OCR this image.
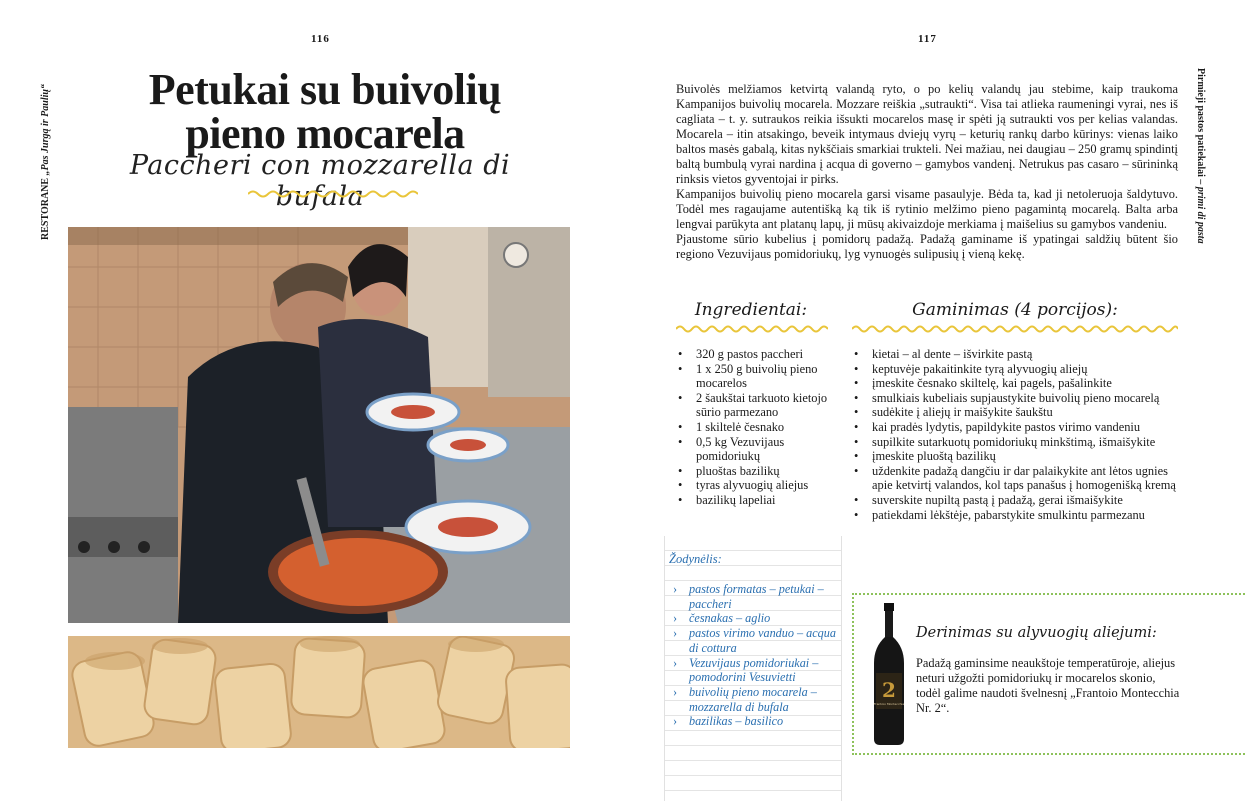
116
RESTORANE „Pas Jurgą ir Paulių“	Petukai su buivolių
pieno mocarela
Paccheri con mozzarella di bufala
117
Pirmieji pastos patiekalai – primi di pasta
Buivolės melžiamos ketvirtą valandą ryto, o po kelių valandų jau stebime, kaip traukoma Kampanijos buivolių mocarela. Mozzare reiškia „sutraukti“. Visa tai atlieka raumeningi vyrai, nes iš cagliata – t. y. sutraukos reikia išsukti mocarelos masę ir spėti ją sutraukti vos per kelias valandas. Mocarela – itin atsakingo, beveik intymaus dviejų vyrų – keturių rankų darbo kūrinys: vienas laiko baltos masės gabalą, kitas nykščiais smarkiai trukteli. Nei mažiau, nei daugiau – 250 gramų spindintį baltą bumbulą vyrai nardina į acqua di governo – gamybos vandenį. Netrukus pas casaro – sūrininką rinksis vietos gyventojai ir pirks.
Kampanijos buivolių pieno mocarela garsi visame pasaulyje. Bėda ta, kad ji netoleruoja šaldytuvo. Todėl mes ragaujame autentišką ką tik iš rytinio melžimo pieno pagamintą mocarelą. Balta arba lengvai parūkyta ant platanų lapų, ji mūsų akivaizdoje merkiama į maišelius su gamybos vandeniu.
Pjaustome sūrio kubelius į pomidorų padažą. Padažą gaminame iš ypatingai saldžių būtent šio regiono Vezuvijaus pomidoriukų, lyg vynuogės sulipusių į vieną kekę.
Ingredientai:	Gaminimas (4 porcijos):
• 320 g pastos paccheri
• 1 x 250 g buivolių pieno mocarelos
• 2 šaukštai tarkuoto kietojo sūrio parmezano
• 1 skiltelė česnako
• 0,5 kg Vezuvijaus pomidoriukų
• pluoštas bazilikų
• tyras alyvuogių aliejus
• bazilikų lapeliai
• kietai – al dente – išvirkite pastą
• keptuvėje pakaitinkite tyrą alyvuogių aliejų
• įmeskite česnako skiltelę, kai pagels, pašalinkite
• smulkiais kubeliais supjaustykite buivolių pieno mocarelą
• sudėkite į aliejų ir maišykite šaukštu
• kai pradės lydytis, papildykite pastos virimo vandeniu
• supilkite sutarkuotų pomidoriukų minkštimą, išmaišykite
• įmeskite pluoštą bazilikų
• uždenkite padažą dangčiu ir dar palaikykite ant lėtos ugnies apie ketvirtį valandos, kol taps panašus į homogenišką kremą
• suverskite nupiltą pastą į padažą, gerai išmaišykite
• patiekdami lėkštėje, pabarstykite smulkintu parmezanu
Žodynėlis:
› pastos formatas – petukai – paccheri
› česnakas – aglio
› pastos virimo vanduo – acqua di cottura
› Vezuvijaus pomidoriukai – pomodorini Vesuvietti
› buivolių pieno mocarela – mozzarella di bufala
› bazilikas – basilico
2
Frantoio Montecchia
Derinimas su alyvuogių aliejumi:
Padažą gaminsime neaukštoje temperatūroje, aliejus neturi užgožti pomidoriukų ir mocarelos skonio, todėl galime naudoti švelnesnį „Frantoio Montecchia Nr. 2“.
